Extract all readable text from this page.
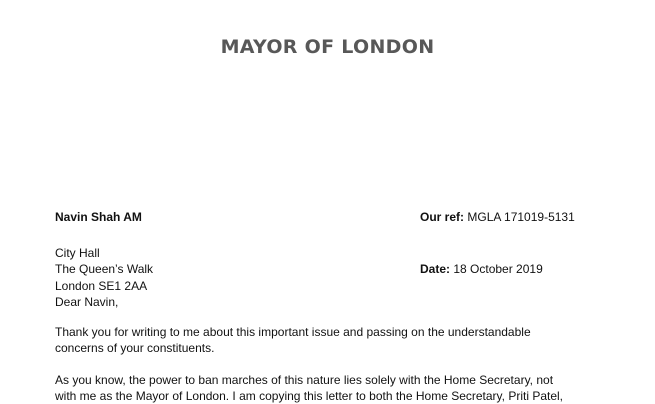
MAYOR OF LONDON
Navin Shah AM	Our ref: MGLA 171019-5131
City Hall
The Queen’s Walk
London SE1 2AA
Date: 18 October 2019
Dear Navin,
Thank you for writing to me about this important issue and passing on the understandable
concerns of your constituents.
As you know, the power to ban marches of this nature lies solely with the Home Secretary, not
with me as the Mayor of London. I am copying this letter to both the Home Secretary, Priti Patel,
